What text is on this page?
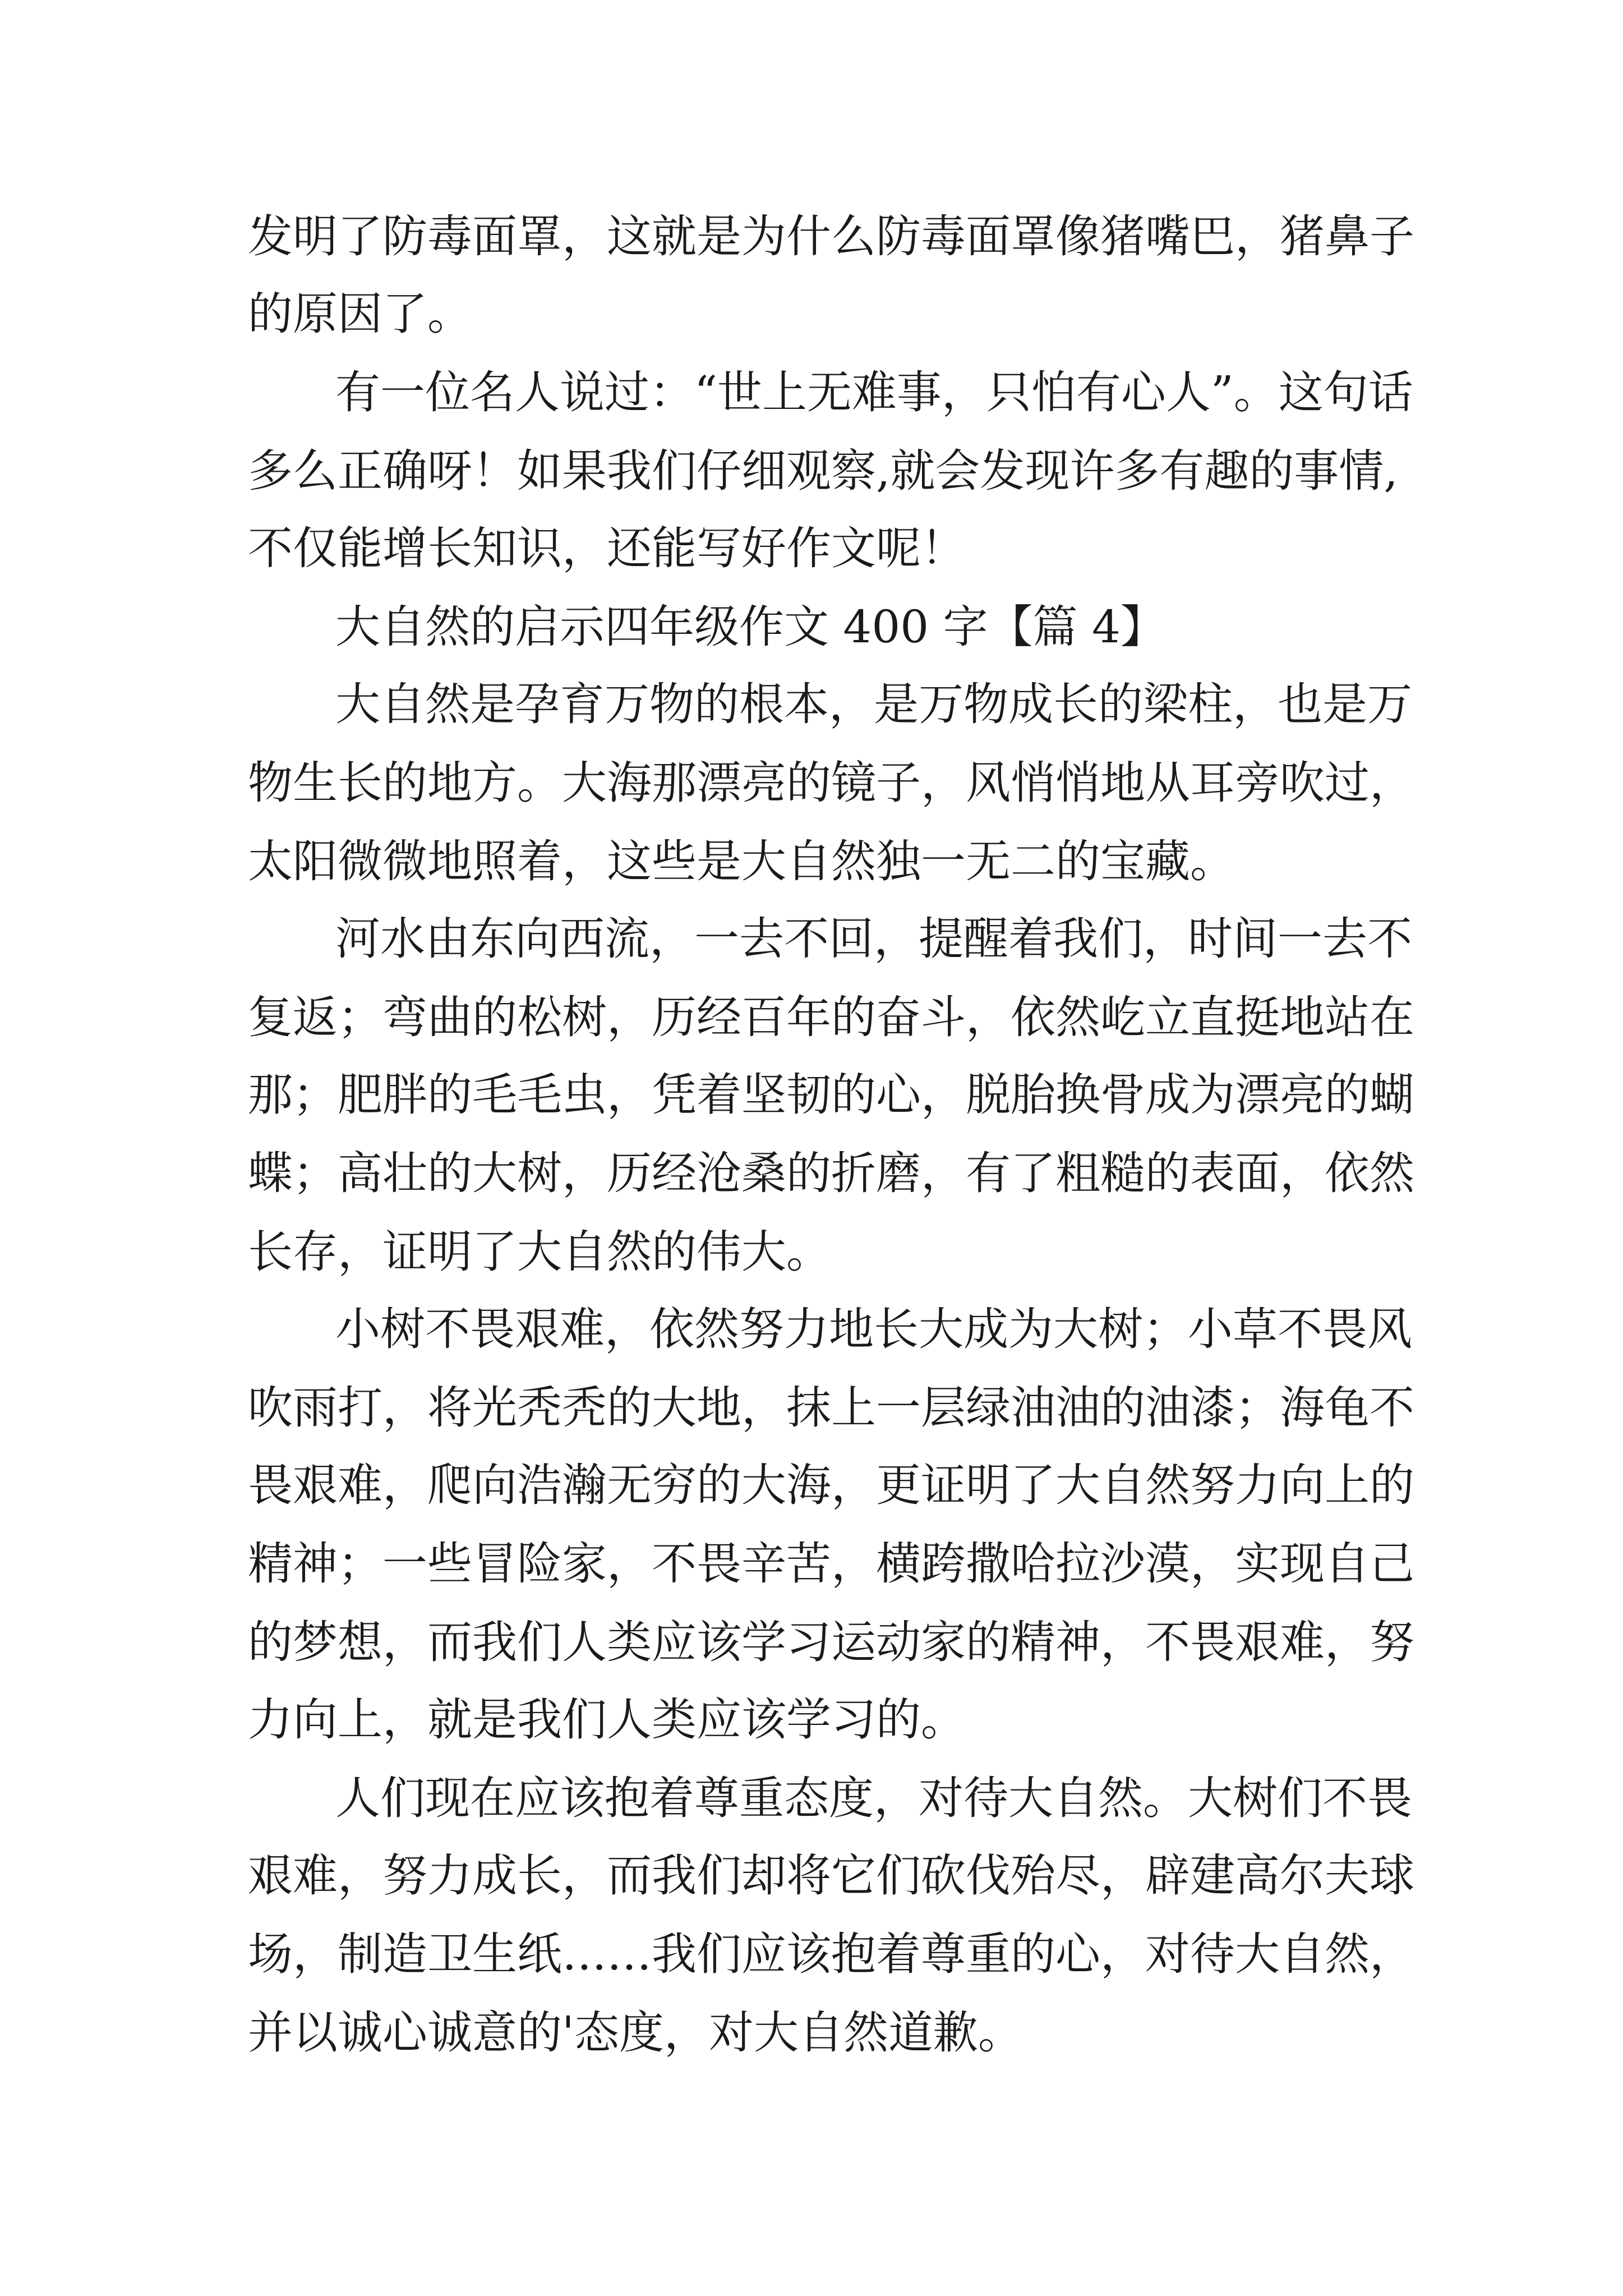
发明了防毒面罩，这就是为什么防毒面罩像猪嘴巴，猪鼻子
的原因了。
有一位名人说过：“世上无难事，只怕有心人”。这句话
多么正确呀！如果我们仔细观察,就会发现许多有趣的事情,
不仅能增长知识，还能写好作文呢！
大自然的启示四年级作文 400 字【篇 4】
大自然是孕育万物的根本，是万物成长的梁柱，也是万
物生长的地方。大海那漂亮的镜子，风悄悄地从耳旁吹过，
太阳微微地照着，这些是大自然独一无二的宝藏。
河水由东向西流，一去不回，提醒着我们，时间一去不
复返；弯曲的松树，历经百年的奋斗，依然屹立直挺地站在
那；肥胖的毛毛虫，凭着坚韧的心，脱胎换骨成为漂亮的蝴
蝶；高壮的大树，历经沧桑的折磨，有了粗糙的表面，依然
长存，证明了大自然的伟大。
小树不畏艰难，依然努力地长大成为大树；小草不畏风
吹雨打，将光秃秃的大地，抹上一层绿油油的油漆；海龟不
畏艰难，爬向浩瀚无穷的大海，更证明了大自然努力向上的
精神；一些冒险家，不畏辛苦，横跨撒哈拉沙漠，实现自己
的梦想，而我们人类应该学习运动家的精神，不畏艰难，努
力向上，就是我们人类应该学习的。
人们现在应该抱着尊重态度，对待大自然。大树们不畏
艰难，努力成长，而我们却将它们砍伐殆尽，辟建高尔夫球
场，制造卫生纸……我们应该抱着尊重的心，对待大自然，
并以诚心诚意的'态度，对大自然道歉。
